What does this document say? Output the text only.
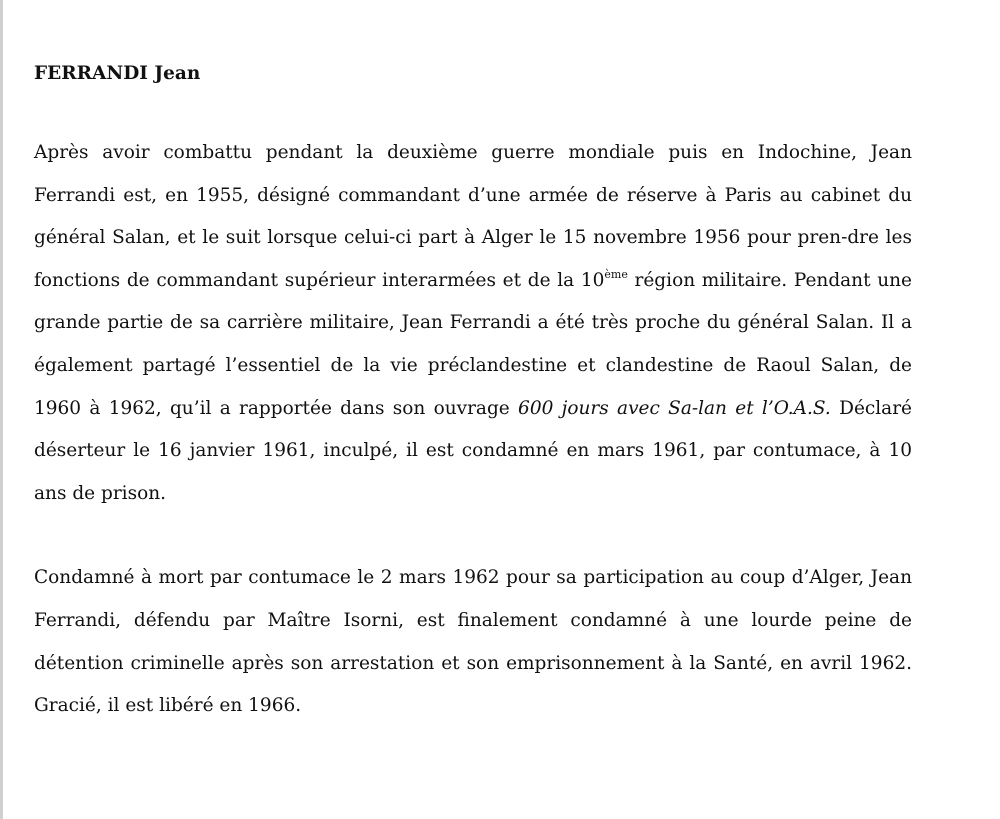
FERRANDI Jean

Après avoir combattu pendant la deuxième guerre mondiale puis en Indochine, Jean Ferrandi est, en 1955, désigné commandant d’une armée de réserve à Paris au cabinet du général Salan, et le suit lorsque celui-ci part à Alger le 15 novembre 1956 pour pren-dre les fonctions de commandant supérieur interarmées et de la 10ème région militaire. Pendant une grande partie de sa carrière militaire, Jean Ferrandi a été très proche du général Salan. Il a également partagé l’essentiel de la vie préclandestine et clandestine de Raoul Salan, de 1960 à 1962, qu’il a rapportée dans son ouvrage 600 jours avec Sa-lan et l’O.A.S. Déclaré déserteur le 16 janvier 1961, inculpé, il est condamné en mars 1961, par contumace, à 10 ans de prison.

Condamné à mort par contumace le 2 mars 1962 pour sa participation au coup d’Alger, Jean Ferrandi, défendu par Maître Isorni, est finalement condamné à une lourde peine de détention criminelle après son arrestation et son emprisonnement à la Santé, en avril 1962. Gracié, il est libéré en 1966.
